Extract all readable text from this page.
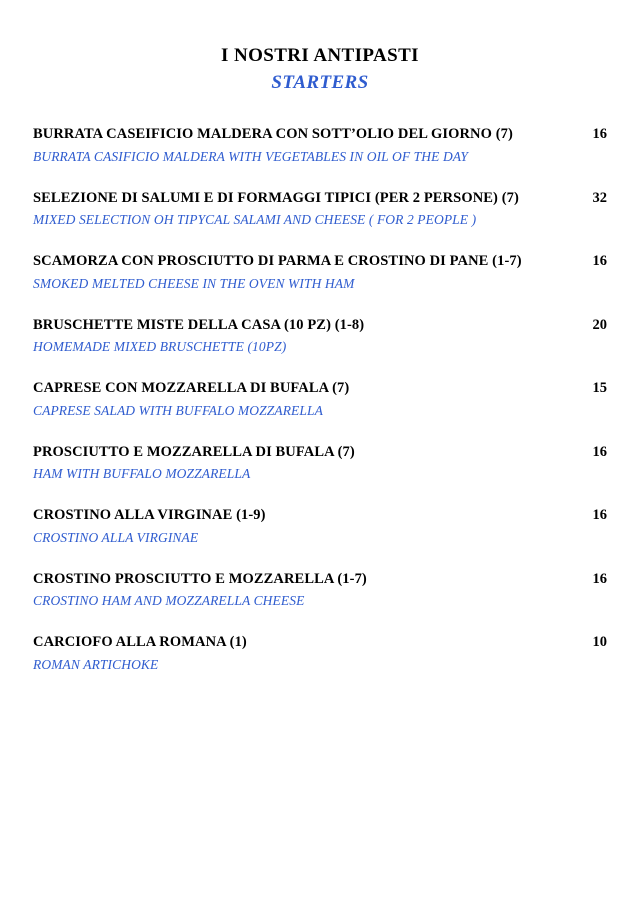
I NOSTRI ANTIPASTI
STARTERS
BURRATA CASEIFICIO MALDERA CON SOTT’OLIO DEL GIORNO (7)	16
BURRATA CASIFICIO MALDERA WITH VEGETABLES IN OIL OF THE DAY
SELEZIONE DI SALUMI E DI FORMAGGI TIPICI (PER 2 PERSONE) (7)	32
MIXED SELECTION OH TIPYCAL SALAMI AND CHEESE ( FOR 2 PEOPLE )
SCAMORZA CON PROSCIUTTO DI PARMA E CROSTINO DI PANE (1-7)	16
SMOKED MELTED CHEESE IN THE OVEN WITH HAM
BRUSCHETTE MISTE DELLA CASA (10 PZ) (1-8)	20
HOMEMADE MIXED BRUSCHETTE (10PZ)
CAPRESE CON MOZZARELLA DI BUFALA (7)	15
CAPRESE SALAD WITH BUFFALO MOZZARELLA
PROSCIUTTO E MOZZARELLA DI BUFALA (7)	16
HAM WITH BUFFALO MOZZARELLA
CROSTINO ALLA VIRGINAE (1-9)	16
CROSTINO ALLA VIRGINAE
CROSTINO PROSCIUTTO E MOZZARELLA (1-7)	16
CROSTINO HAM AND MOZZARELLA CHEESE
CARCIOFO ALLA ROMANA (1)	10
ROMAN ARTICHOKE
